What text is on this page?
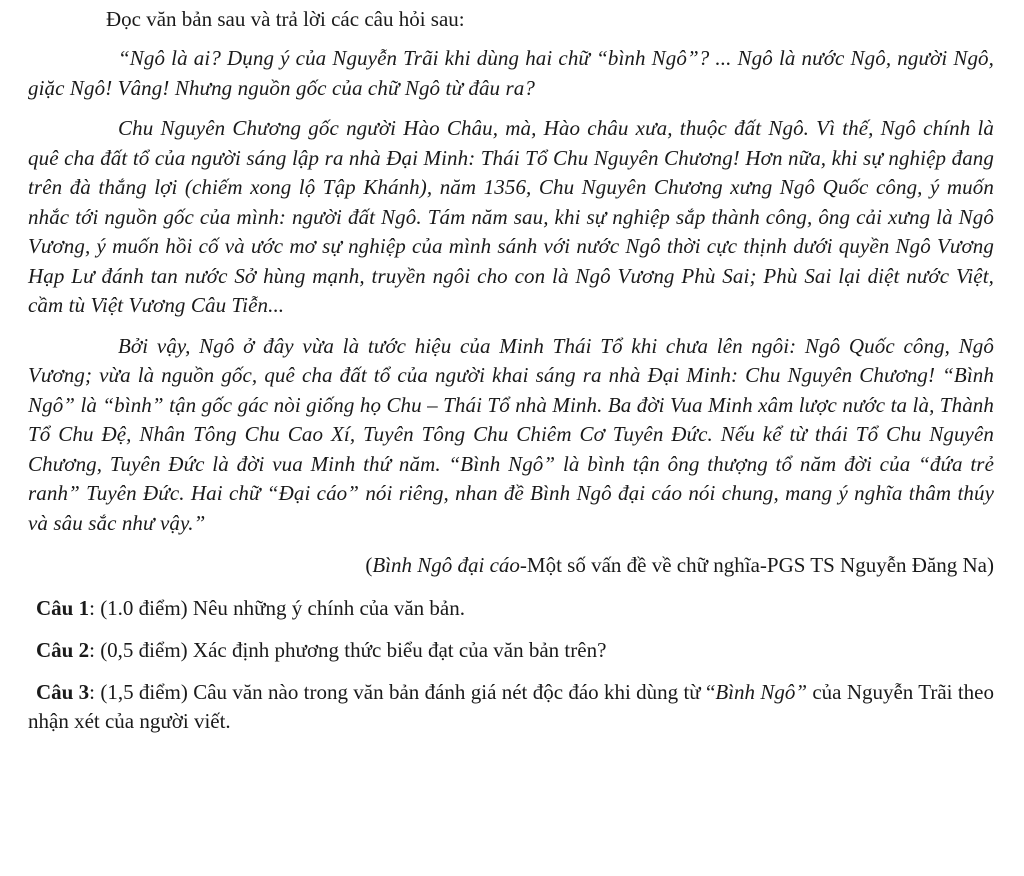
Đọc văn bản sau và trả lời các câu hỏi sau:

“Ngô là ai? Dụng ý của Nguyễn Trãi khi dùng hai chữ “bình Ngô”? ... Ngô là nước Ngô, người Ngô, giặc Ngô! Vâng! Nhưng nguồn gốc của chữ Ngô từ đâu ra?

Chu Nguyên Chương gốc người Hào Châu, mà, Hào châu xưa, thuộc đất Ngô. Vì thế, Ngô chính là quê cha đất tổ của người sáng lập ra nhà Đại Minh: Thái Tổ Chu Nguyên Chương! Hơn nữa, khi sự nghiệp đang trên đà thắng lợi (chiếm xong lộ Tập Khánh), năm 1356, Chu Nguyên Chương xưng Ngô Quốc công, ý muốn nhắc tới nguồn gốc của mình: người đất Ngô. Tám năm sau, khi sự nghiệp sắp thành công, ông cải xưng là Ngô Vương, ý muốn hồi cố và ước mơ sự nghiệp của mình sánh với nước Ngô thời cực thịnh dưới quyền Ngô Vương Hạp Lư đánh tan nước Sở hùng mạnh, truyền ngôi cho con là Ngô Vương Phù Sai; Phù Sai lại diệt nước Việt, cầm tù Việt Vương Câu Tiễn...

Bởi vậy, Ngô ở đây vừa là tước hiệu của Minh Thái Tổ khi chưa lên ngôi: Ngô Quốc công, Ngô Vương; vừa là nguồn gốc, quê cha đất tổ của người khai sáng ra nhà Đại Minh: Chu Nguyên Chương! “Bình Ngô” là “bình” tận gốc gác nòi giống họ Chu – Thái Tổ nhà Minh. Ba đời Vua Minh xâm lược nước ta là, Thành Tổ Chu Đệ, Nhân Tông Chu Cao Xí, Tuyên Tông Chu Chiêm Cơ Tuyên Đức. Nếu kể từ thái Tổ Chu Nguyên Chương, Tuyên Đức là đời vua Minh thứ năm. “Bình Ngô” là bình tận ông thượng tổ năm đời của “đứa trẻ ranh” Tuyên Đức. Hai chữ “Đại cáo” nói riêng, nhan đề Bình Ngô đại cáo nói chung, mang ý nghĩa thâm thúy và sâu sắc như vậy.”

(Bình Ngô đại cáo-Một số vấn đề về chữ nghĩa-PGS TS Nguyễn Đăng Na)
Câu 1: (1.0 điểm) Nêu những ý chính của văn bản.
Câu 2: (0,5 điểm) Xác định phương thức biểu đạt của văn bản trên?
Câu 3: (1,5 điểm) Câu văn nào trong văn bản đánh giá nét độc đáo khi dùng từ “Bình Ngô” của Nguyễn Trãi theo nhận xét của người viết.
